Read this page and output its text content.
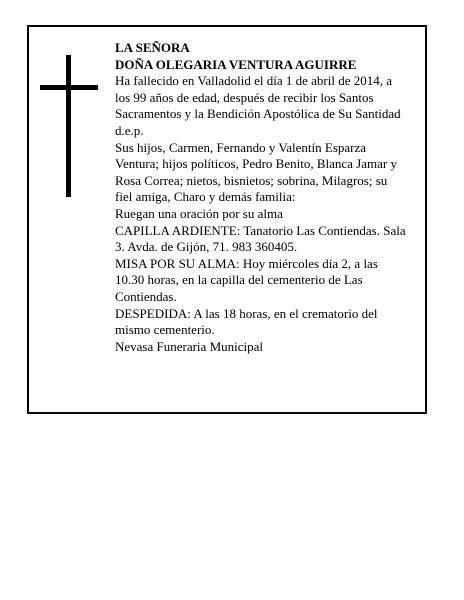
LA SEÑORA

DOÑA OLEGARIA VENTURA AGUIRRE

Ha fallecido en Valladolid el día 1 de abril de 2014, a los 99 años de edad, después de recibir los Santos Sacramentos y la Bendición Apostólica de Su Santidad d.e.p.

Sus hijos, Carmen, Fernando y Valentín Esparza Ventura; hijos políticos, Pedro Benito, Blanca Jamar y Rosa Correa; nietos, bisnietos; sobrina, Milagros; su fiel amiga, Charo y demás familia:

Ruegan una oración por su alma

CAPILLA ARDIENTE: Tanatorio Las Contiendas. Sala 3. Avda. de Gijón, 71. 983 360405.

MISA POR SU ALMA: Hoy miércoles día 2, a las 10.30 horas, en la capilla del cementerio de Las Contiendas.

DESPEDIDA: A las 18 horas, en el crematorio del mismo cementerio.

Nevasa Funeraria Municipal
